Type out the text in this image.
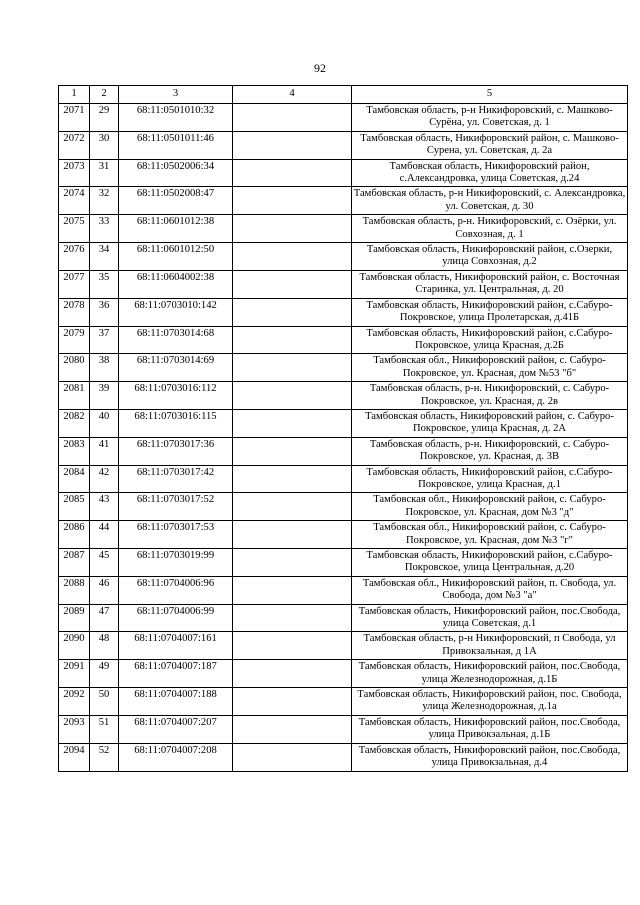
92
1	2	3	4	5
2071	29	68:11:0501010:32		Тамбовская область, р-н Никифоровский, с. Машково-Сурёна, ул. Советская, д. 1
2072	30	68:11:0501011:46		Тамбовская область, Никифоровский район, с. Машково-Сурена, ул. Советская, д. 2а
2073	31	68:11:0502006:34		Тамбовская область, Никифоровский район, с.Александровка, улица Советская, д.24
2074	32	68:11:0502008:47		Тамбовская область, р-н Никифоровский, с. Александровка, ул. Советская, д. 30
2075	33	68:11:0601012:38		Тамбовская область, р-н. Никифоровский, с. Озёрки, ул. Совхозная, д. 1
2076	34	68:11:0601012:50		Тамбовская область, Никифоровский район, с.Озерки, улица Совхозная, д.2
2077	35	68:11:0604002:38		Тамбовская область, Никифоровский район, с. Восточная Старинка, ул. Центральная, д. 20
2078	36	68:11:0703010:142		Тамбовская область, Никифоровский район, с.Сабуро-Покровское, улица Пролетарская, д.41Б
2079	37	68:11:0703014:68		Тамбовская область, Никифоровский район, с.Сабуро-Покровское, улица Красная, д.2Б
2080	38	68:11:0703014:69		Тамбовская обл., Никифоровский район, с. Сабуро-Покровское, ул. Красная, дом №53 "б"
2081	39	68:11:0703016:112		Тамбовская область, р-н. Никифоровский, с. Сабуро-Покровское, ул. Красная, д. 2в
2082	40	68:11:0703016:115		Тамбовская область, Никифоровский район, с. Сабуро-Покровское, улица Красная, д. 2А
2083	41	68:11:0703017:36		Тамбовская область, р-н. Никифоровский, с. Сабуро-Покровское, ул. Красная, д. 3В
2084	42	68:11:0703017:42		Тамбовская область, Никифоровский район, с.Сабуро-Покровское, улица Красная, д.1
2085	43	68:11:0703017:52		Тамбовская обл., Никифоровский район, с. Сабуро-Покровское, ул. Красная, дом №3 "д"
2086	44	68:11:0703017:53		Тамбовская обл., Никифоровский район, с. Сабуро-Покровское, ул. Красная, дом №3 "г"
2087	45	68:11:0703019:99		Тамбовская область, Никифоровский район, с.Сабуро-Покровское, улица Центральная, д.20
2088	46	68:11:0704006:96		Тамбовская обл., Никифоровский район, п. Свобода, ул. Свобода, дом №3 "а"
2089	47	68:11:0704006:99		Тамбовская область, Никифоровский район, пос.Свобода, улица Советская, д.1
2090	48	68:11:0704007:161		Тамбовская область, р-н Никифоровский, п Свобода, ул Привокзальная, д 1А
2091	49	68:11:0704007:187		Тамбовская область, Никифоровский район, пос.Свобода, улица Железнодорожная, д.1Б
2092	50	68:11:0704007:188		Тамбовская область, Никифоровский район, пос. Свобода, улица Железнодорожная, д.1а
2093	51	68:11:0704007:207		Тамбовская область, Никифоровский район, пос.Свобода, улица Привокзальная, д.1Б
2094	52	68:11:0704007:208		Тамбовская область, Никифоровский район, пос.Свобода, улица Привокзальная, д.4
